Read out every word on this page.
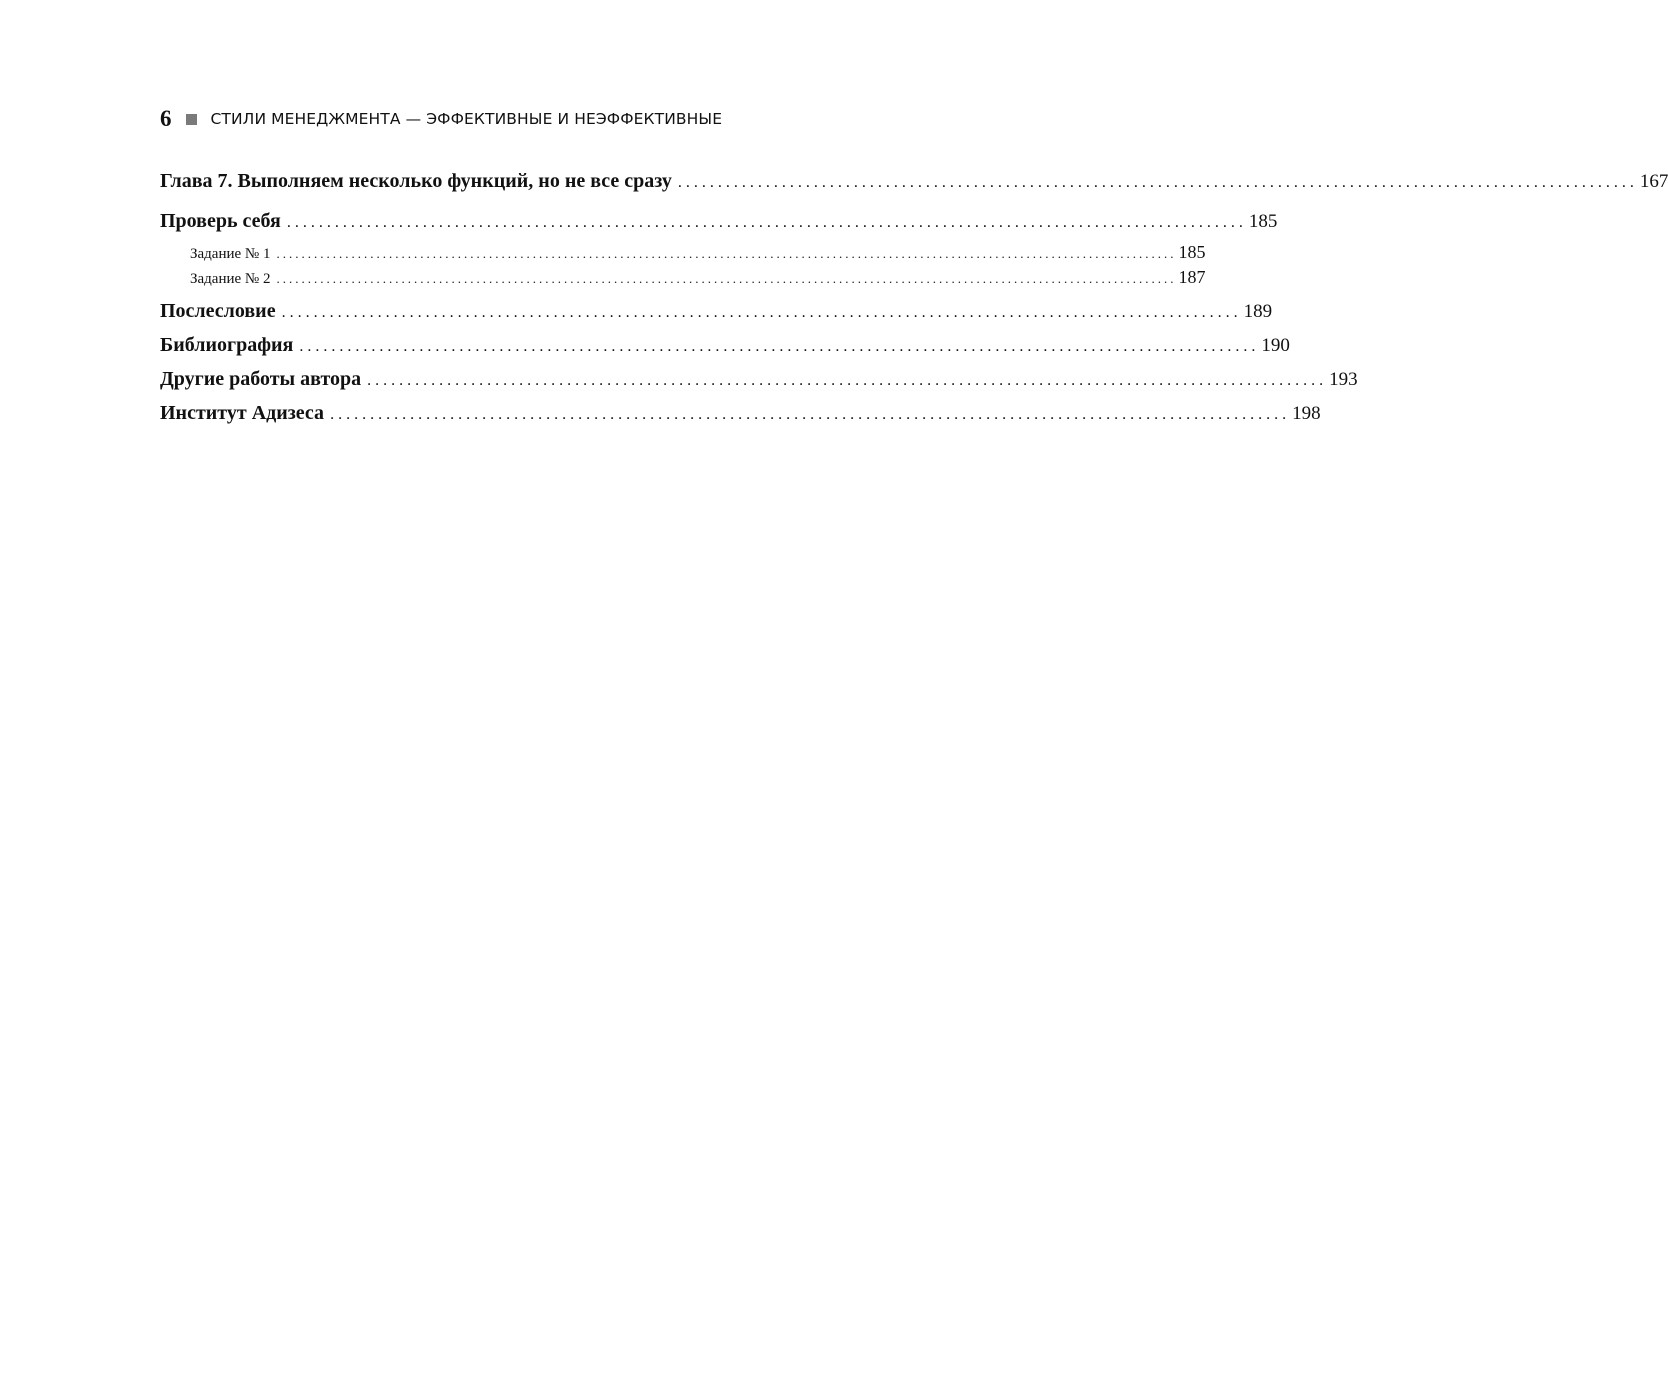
6	СТИЛИ МЕНЕДЖМЕНТА — ЭФФЕКТИВНЫЕ И НЕЭФФЕКТИВНЫЕ
Глава 7. Выполняем несколько функций, но не все сразу ........................................................................................................................ 167
Проверь себя ........................................................................................................................ 185
Задание № 1 ................................................................................................................................................ 185
Задание № 2 ................................................................................................................................................ 187
Послесловие ........................................................................................................................ 189
Библиография ........................................................................................................................ 190
Другие работы автора ........................................................................................................................ 193
Институт Адизеса ........................................................................................................................ 198
